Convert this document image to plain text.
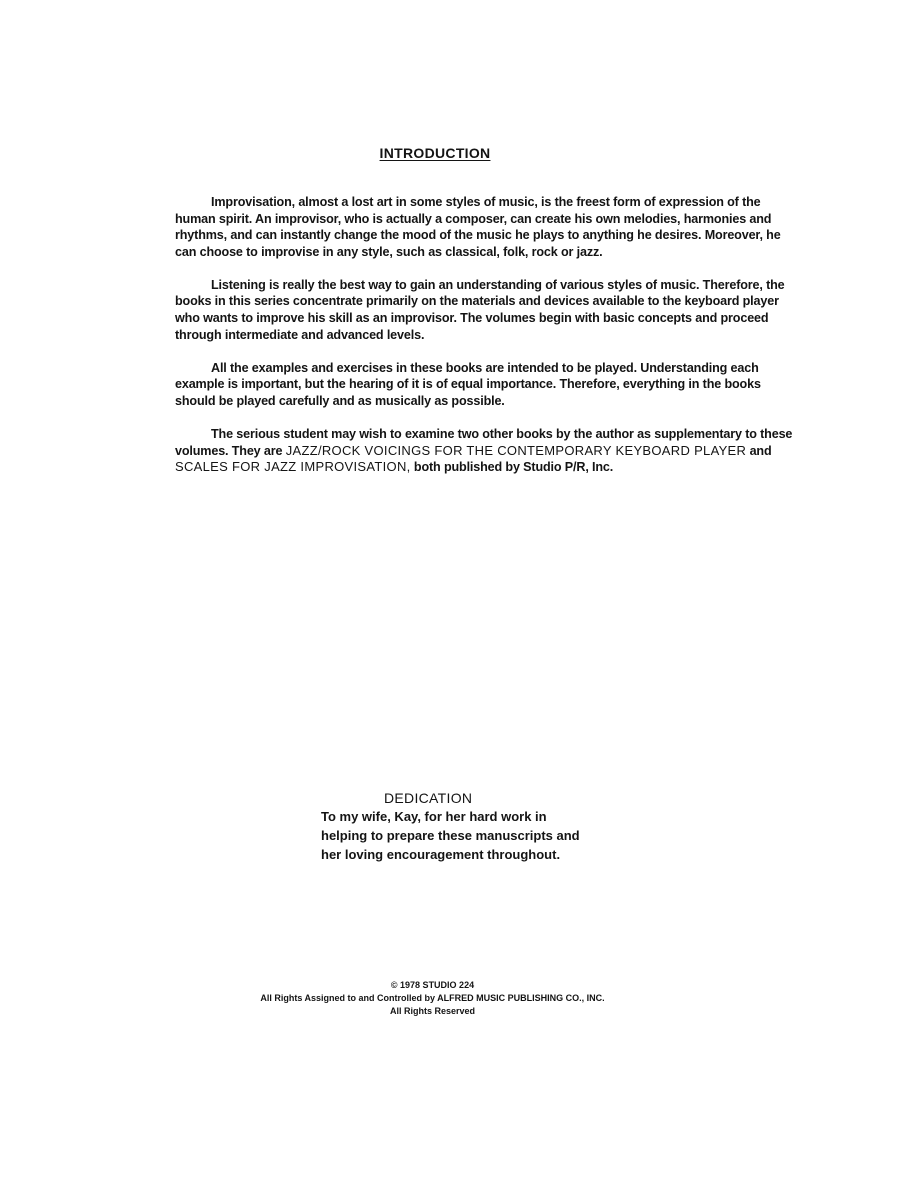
INTRODUCTION

Improvisation, almost a lost art in some styles of music, is the freest form of expression of the human spirit. An improvisor, who is actually a composer, can create his own melodies, harmonies and rhythms, and can instantly change the mood of the music he plays to anything he desires. Moreover, he can choose to improvise in any style, such as classical, folk, rock or jazz.

Listening is really the best way to gain an understanding of various styles of music. Therefore, the books in this series concentrate primarily on the materials and devices available to the keyboard player who wants to improve his skill as an improvisor. The volumes begin with basic concepts and proceed through intermediate and advanced levels.

All the examples and exercises in these books are intended to be played. Understanding each example is important, but the hearing of it is of equal importance. Therefore, everything in the books should be played carefully and as musically as possible.

The serious student may wish to examine two other books by the author as supplementary to these volumes. They are JAZZ/ROCK VOICINGS FOR THE CONTEMPORARY KEYBOARD PLAYER and SCALES FOR JAZZ IMPROVISATION, both published by Studio P/R, Inc.

DEDICATION
To my wife, Kay, for her hard work in
helping to prepare these manuscripts and
her loving encouragement throughout.
© 1978 STUDIO 224
All Rights Assigned to and Controlled by ALFRED MUSIC PUBLISHING CO., INC.
All Rights Reserved
